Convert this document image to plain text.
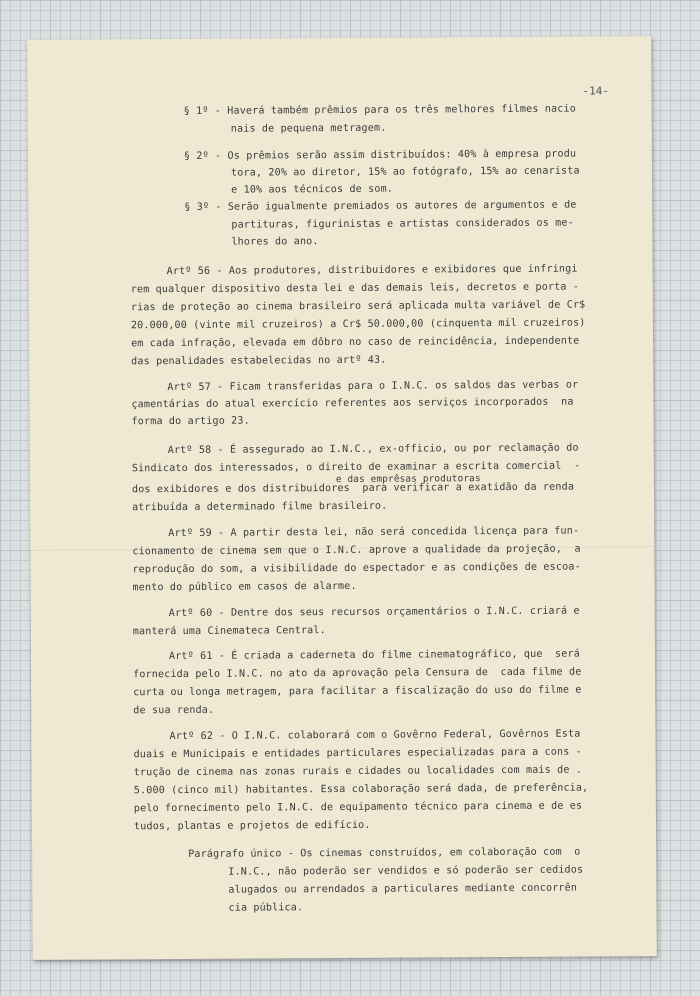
-14-
§ 1º - Haverá também prêmios para os três melhores filmes nacio
nais de pequena metragem.
§ 2º - Os prêmios serão assim distribuídos: 40% à empresa produ
tora, 20% ao diretor, 15% ao fotógrafo, 15% ao cenarista
e 10% aos técnicos de som.
§ 3º - Serão igualmente premiados os autores de argumentos e de
partituras, figurinistas e artistas considerados os me-
lhores do ano.
Artº 56 - Aos produtores, distribuidores e exibidores que infringi
rem qualquer dispositivo desta lei e das demais leis, decretos e porta -
rias de proteção ao cinema brasileiro será aplicada multa variável de Cr$
20.000,00 (vinte mil cruzeiros) a Cr$ 50.000,00 (cinquenta mil cruzeiros)
em cada infração, elevada em dôbro no caso de reincidência, independente
das penalidades estabelecidas no artº 43.
Artº 57 - Ficam transferidas para o I.N.C. os saldos das verbas or
çamentárias do atual exercício referentes aos serviços incorporados  na
forma do artigo 23.
Artº 58 - É assegurado ao I.N.C., ex-officio, ou por reclamação do
Sindicato dos interessados, o direito de examinar a escrita comercial  -
e das emprêsas produtoras
dos exibidores e dos distribuidores  para verificar a exatidão da renda
atribuída a determinado filme brasileiro.
Artº 59 - A partir desta lei, não será concedida licença para fun-
cionamento de cinema sem que o I.N.C. aprove a qualidade da projeção,  a
reprodução do som, a visibilidade do espectador e as condições de escoa-
mento do público em casos de alarme.
Artº 60 - Dentre dos seus recursos orçamentários o I.N.C. criará e
manterá uma Cinemateca Central.
Artº 61 - É criada a caderneta do filme cinematográfico, que  será
fornecida pelo I.N.C. no ato da aprovação pela Censura de  cada filme de
curta ou longa metragem, para facilitar a fiscalização do uso do filme e
de sua renda.
Artº 62 - O I.N.C. colaborará com o Govêrno Federal, Govêrnos Esta
duais e Municipais e entidades particulares especializadas para a cons -
trução de cinema nas zonas rurais e cidades ou localidades com mais de .
5.000 (cinco mil) habitantes. Essa colaboração será dada, de preferência,
pelo fornecimento pelo I.N.C. de equipamento técnico para cinema e de es
tudos, plantas e projetos de edifício.
Parágrafo único - Os cinemas construídos, em colaboração com  o
I.N.C., não poderão ser vendidos e só poderão ser cedidos
alugados ou arrendados a particulares mediante concorrên
cia pública.
